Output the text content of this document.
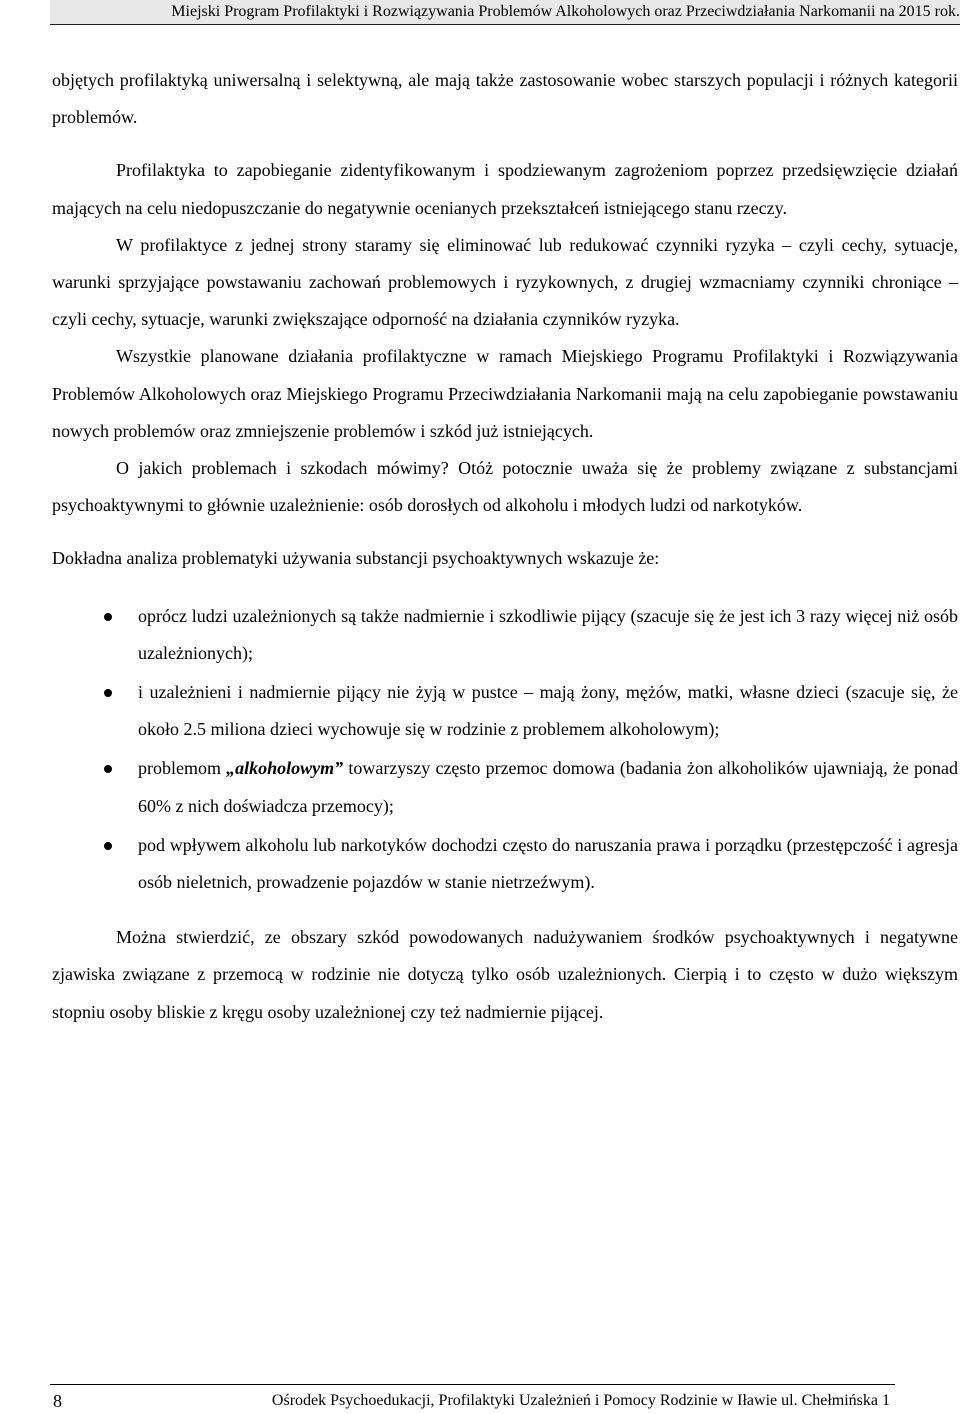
Miejski Program Profilaktyki i Rozwiązywania Problemów Alkoholowych oraz Przeciwdziałania Narkomanii na 2015 rok.

objętych profilaktyką uniwersalną i selektywną, ale mają także zastosowanie wobec starszych populacji i różnych kategorii problemów.

Profilaktyka to zapobieganie zidentyfikowanym i spodziewanym zagrożeniom poprzez przedsięwzięcie działań mających na celu niedopuszczanie do negatywnie ocenianych przekształceń istniejącego stanu rzeczy.

W profilaktyce z jednej strony staramy się eliminować lub redukować czynniki ryzyka – czyli cechy, sytuacje, warunki sprzyjające powstawaniu zachowań problemowych i ryzykownych, z drugiej wzmacniamy czynniki chroniące – czyli cechy, sytuacje, warunki zwiększające odporność na działania czynników ryzyka.

Wszystkie planowane działania profilaktyczne w ramach Miejskiego Programu Profilaktyki i Rozwiązywania Problemów Alkoholowych oraz Miejskiego Programu Przeciwdziałania Narkomanii mają na celu zapobieganie powstawaniu nowych problemów oraz zmniejszenie problemów i szkód już istniejących.

O jakich problemach i szkodach mówimy? Otóż potocznie uważa się że problemy związane z substancjami psychoaktywnymi to głównie uzależnienie: osób dorosłych od alkoholu i młodych ludzi od narkotyków.

Dokładna analiza problematyki używania substancji psychoaktywnych wskazuje że:

oprócz ludzi uzależnionych są także nadmiernie i szkodliwie pijący (szacuje się że jest ich 3 razy więcej niż osób uzależnionych);
i uzależnieni i nadmiernie pijący nie żyją w pustce – mają żony, mężów, matki, własne dzieci (szacuje się, że około 2.5 miliona dzieci wychowuje się w rodzinie z problemem alkoholowym);
problemom „alkoholowym” towarzyszy często przemoc domowa (badania żon alkoholików ujawniają, że ponad 60% z nich doświadcza przemocy);
pod wpływem alkoholu lub narkotyków dochodzi często do naruszania prawa i porządku (przestępczość i agresja osób nieletnich, prowadzenie pojazdów w stanie nietrzeźwym).

Można stwierdzić, ze obszary szkód powodowanych nadużywaniem środków psychoaktywnych i negatywne zjawiska związane z przemocą w rodzinie nie dotyczą tylko osób uzależnionych. Cierpią i to często w dużo większym stopniu osoby bliskie z kręgu osoby uzależnionej czy też nadmiernie pijącej.

8	Ośrodek Psychoedukacji, Profilaktyki Uzależnień i Pomocy Rodzinie w Iławie ul. Chełmińska 1
